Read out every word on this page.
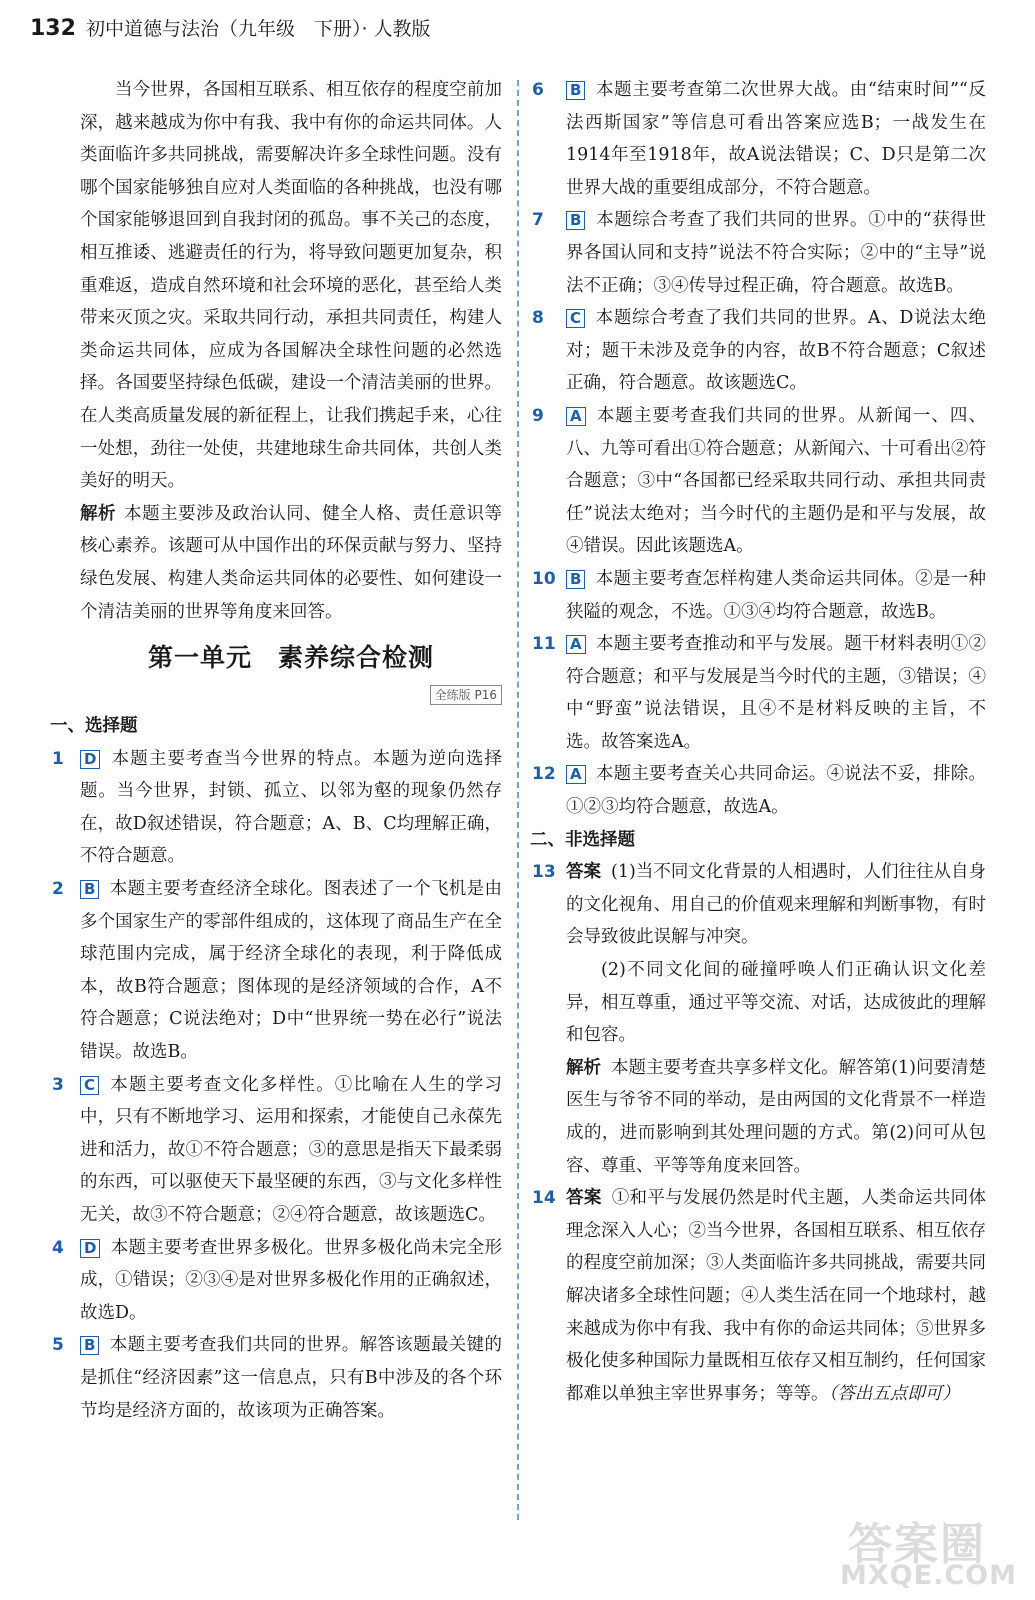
132 初中道德与法治（九年级　下册）· 人教版

当今世界，各国相互联系、相互依存的程度空前加深，越来越成为你中有我、我中有你的命运共同体。人类面临许多共同挑战，需要解决许多全球性问题。没有哪个国家能够独自应对人类面临的各种挑战，也没有哪个国家能够退回到自我封闭的孤岛。事不关己的态度，相互推诿、逃避责任的行为，将导致问题更加复杂，积重难返，造成自然环境和社会环境的恶化，甚至给人类带来灭顶之灾。采取共同行动，承担共同责任，构建人类命运共同体，应成为各国解决全球性问题的必然选择。各国要坚持绿色低碳，建设一个清洁美丽的世界。在人类高质量发展的新征程上，让我们携起手来，心往一处想，劲往一处使，共建地球生命共同体，共创人类美好的明天。

解析 本题主要涉及政治认同、健全人格、责任意识等核心素养。该题可从中国作出的环保贡献与努力、坚持绿色发展、构建人类命运共同体的必要性、如何建设一个清洁美丽的世界等角度来回答。

第一单元　素养综合检测
全练版 P16
一、选择题
1 D 本题主要考查当今世界的特点。本题为逆向选择题。当今世界，封锁、孤立、以邻为壑的现象仍然存在，故D叙述错误，符合题意；A、B、C均理解正确，不符合题意。
2 B 本题主要考查经济全球化。图表述了一个飞机是由多个国家生产的零部件组成的，这体现了商品生产在全球范围内完成，属于经济全球化的表现，利于降低成本，故B符合题意；图体现的是经济领域的合作，A不符合题意；C说法绝对；D中“世界统一势在必行”说法错误。故选B。
3 C 本题主要考查文化多样性。①比喻在人生的学习中，只有不断地学习、运用和探索，才能使自己永葆先进和活力，故①不符合题意；③的意思是指天下最柔弱的东西，可以驱使天下最坚硬的东西，③与文化多样性无关，故③不符合题意；②④符合题意，故该题选C。
4 D 本题主要考查世界多极化。世界多极化尚未完全形成，①错误；②③④是对世界多极化作用的正确叙述，故选D。
5 B 本题主要考查我们共同的世界。解答该题最关键的是抓住“经济因素”这一信息点，只有B中涉及的各个环节均是经济方面的，故该项为正确答案。
6 B 本题主要考查第二次世界大战。由“结束时间”“反法西斯国家”等信息可看出答案应选B；一战发生在1914年至1918年，故A说法错误；C、D只是第二次世界大战的重要组成部分，不符合题意。
7 B 本题综合考查了我们共同的世界。①中的“获得世界各国认同和支持”说法不符合实际；②中的“主导”说法不正确；③④传导过程正确，符合题意。故选B。
8 C 本题综合考查了我们共同的世界。A、D说法太绝对；题干未涉及竞争的内容，故B不符合题意；C叙述正确，符合题意。故该题选C。
9 A 本题主要考查我们共同的世界。从新闻一、四、八、九等可看出①符合题意；从新闻六、十可看出②符合题意；③中“各国都已经采取共同行动、承担共同责任”说法太绝对；当今时代的主题仍是和平与发展，故④错误。因此该题选A。
10 B 本题主要考查怎样构建人类命运共同体。②是一种狭隘的观念，不选。①③④均符合题意，故选B。
11 A 本题主要考查推动和平与发展。题干材料表明①②符合题意；和平与发展是当今时代的主题，③错误；④中“野蛮”说法错误，且④不是材料反映的主旨，不选。故答案选A。
12 A 本题主要考查关心共同命运。④说法不妥，排除。①②③均符合题意，故选A。
二、非选择题
13 答案 (1)当不同文化背景的人相遇时，人们往往从自身的文化视角、用自己的价值观来理解和判断事物，有时会导致彼此误解与冲突。

(2)不同文化间的碰撞呼唤人们正确认识文化差异，相互尊重，通过平等交流、对话，达成彼此的理解和包容。

解析 本题主要考查共享多样文化。解答第(1)问要清楚医生与爷爷不同的举动，是由两国的文化背景不一样造成的，进而影响到其处理问题的方式。第(2)问可从包容、尊重、平等等角度来回答。

14 答案 ①和平与发展仍然是时代主题，人类命运共同体理念深入人心；②当今世界，各国相互联系、相互依存的程度空前加深；③人类面临许多共同挑战，需要共同解决诸多全球性问题；④人类生活在同一个地球村，越来越成为你中有我、我中有你的命运共同体；⑤世界多极化使多种国际力量既相互依存又相互制约，任何国家都难以单独主宰世界事务；等等。（答出五点即可）

答案圈
MXQE.COM
